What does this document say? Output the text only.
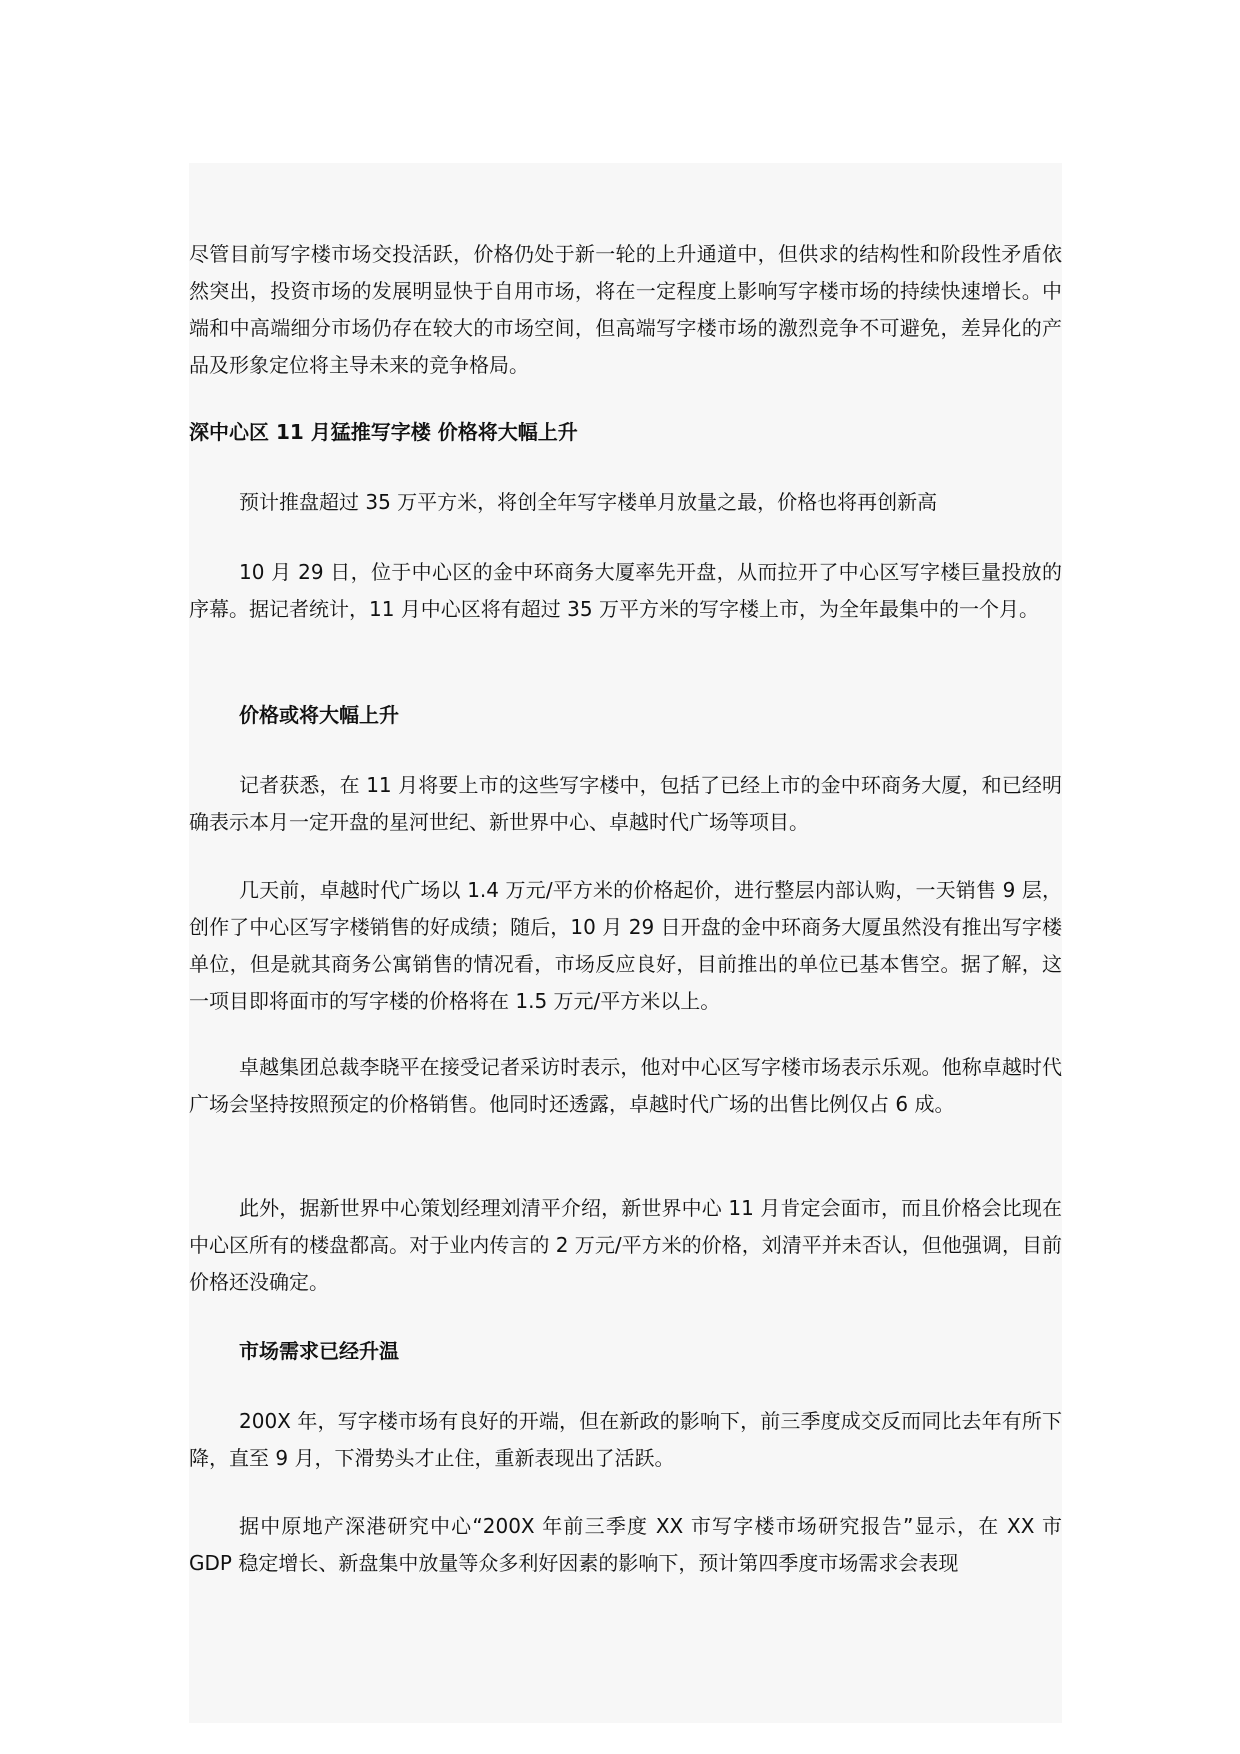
尽管目前写字楼市场交投活跃，价格仍处于新一轮的上升通道中，但供求的结构性和阶段性矛盾依然突出，投资市场的发展明显快于自用市场，将在一定程度上影响写字楼市场的持续快速增长。中端和中高端细分市场仍存在较大的市场空间，但高端写字楼市场的激烈竞争不可避免，差异化的产品及形象定位将主导未来的竞争格局。

深中心区 11 月猛推写字楼 价格将大幅上升

预计推盘超过 35 万平方米，将创全年写字楼单月放量之最，价格也将再创新高

10 月 29 日，位于中心区的金中环商务大厦率先开盘，从而拉开了中心区写字楼巨量投放的序幕。据记者统计，11 月中心区将有超过 35 万平方米的写字楼上市，为全年最集中的一个月。

价格或将大幅上升

记者获悉，在 11 月将要上市的这些写字楼中，包括了已经上市的金中环商务大厦，和已经明确表示本月一定开盘的星河世纪、新世界中心、卓越时代广场等项目。

几天前，卓越时代广场以 1.4 万元/平方米的价格起价，进行整层内部认购，一天销售 9 层，创作了中心区写字楼销售的好成绩；随后，10 月 29 日开盘的金中环商务大厦虽然没有推出写字楼单位，但是就其商务公寓销售的情况看，市场反应良好，目前推出的单位已基本售空。据了解，这一项目即将面市的写字楼的价格将在 1.5 万元/平方米以上。

卓越集团总裁李晓平在接受记者采访时表示，他对中心区写字楼市场表示乐观。他称卓越时代广场会坚持按照预定的价格销售。他同时还透露，卓越时代广场的出售比例仅占 6 成。

此外，据新世界中心策划经理刘清平介绍，新世界中心 11 月肯定会面市，而且价格会比现在中心区所有的楼盘都高。对于业内传言的 2 万元/平方米的价格，刘清平并未否认，但他强调，目前价格还没确定。

市场需求已经升温

200X 年，写字楼市场有良好的开端，但在新政的影响下，前三季度成交反而同比去年有所下降，直至 9 月，下滑势头才止住，重新表现出了活跃。

据中原地产深港研究中心“200X 年前三季度 XX 市写字楼市场研究报告”显示，在 XX 市 GDP 稳定增长、新盘集中放量等众多利好因素的影响下，预计第四季度市场需求会表现
